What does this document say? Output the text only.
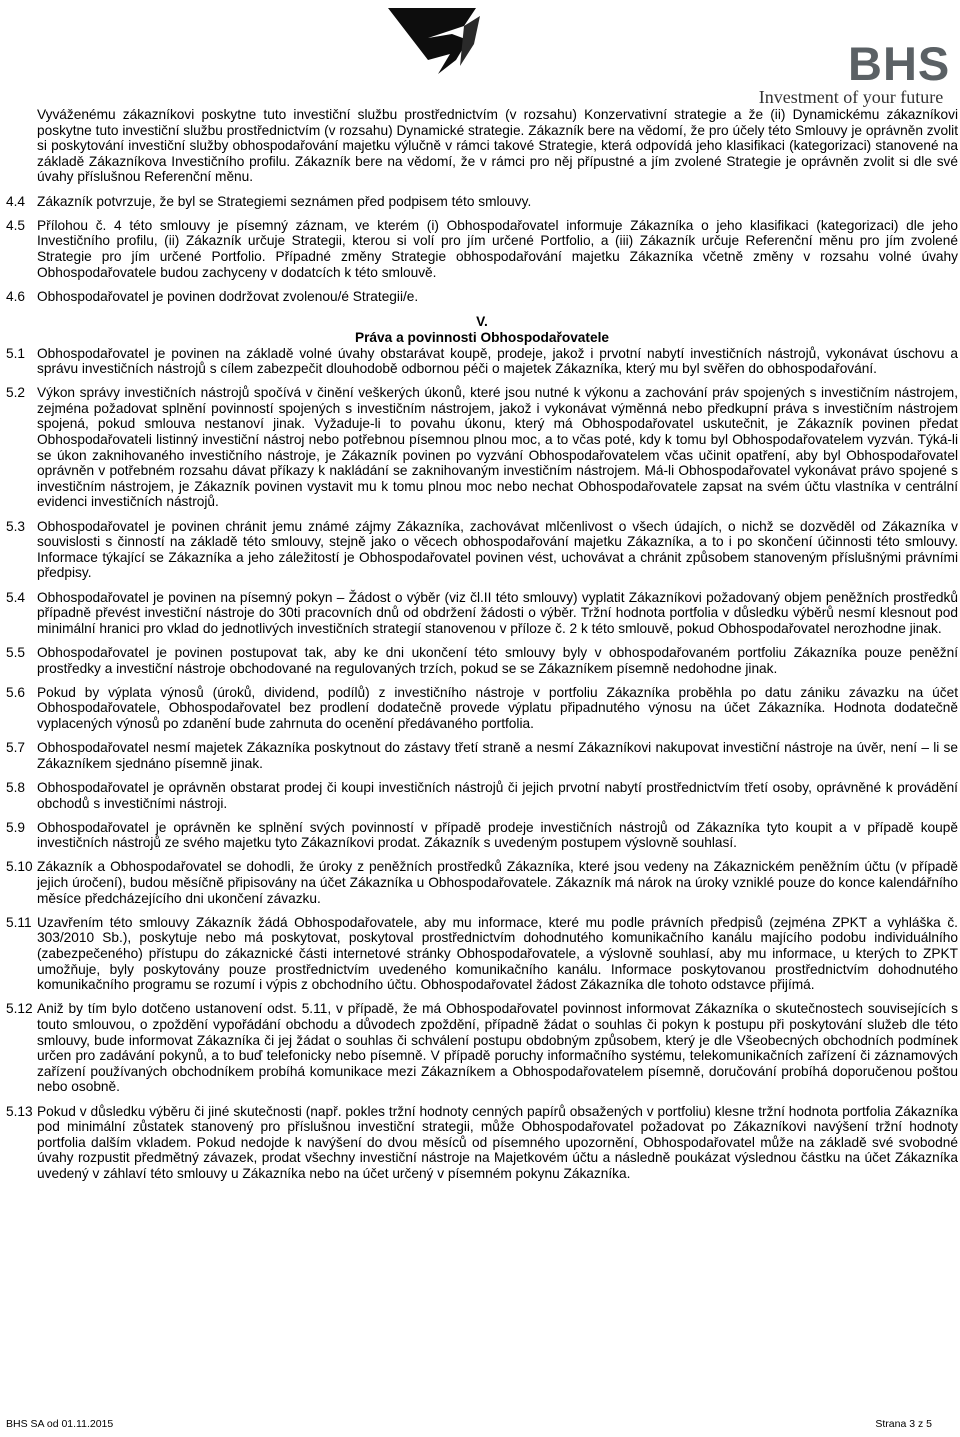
BHS
Investment of your future

Vyváženému zákazníkovi poskytne tuto investiční službu prostřednictvím (v rozsahu) Konzervativní strategie a že (ii) Dynamickému zákazníkovi poskytne tuto investiční službu prostřednictvím (v rozsahu) Dynamické strategie. Zákazník bere na vědomí, že pro účely této Smlouvy je oprávněn zvolit si poskytování investiční služby obhospodařování majetku výlučně v rámci takové Strategie, která odpovídá jeho klasifikaci (kategorizaci) stanovené na základě Zákazníkova Investičního profilu. Zákazník bere na vědomí, že v rámci pro něj přípustné a jím zvolené Strategie je oprávněn zvolit si dle své úvahy příslušnou Referenční měnu.

4.4 Zákazník potvrzuje, že byl se Strategiemi seznámen před podpisem této smlouvy.
4.5 Přílohou č. 4 této smlouvy je písemný záznam, ve kterém (i) Obhospodařovatel informuje Zákazníka o jeho klasifikaci (kategorizaci) dle jeho Investičního profilu, (ii) Zákazník určuje Strategii, kterou si volí pro jím určené Portfolio, a (iii) Zákazník určuje Referenční měnu pro jím zvolené Strategie pro jím určené Portfolio. Případné změny Strategie obhospodařování majetku Zákazníka včetně změny v rozsahu volné úvahy Obhospodařovatele budou zachyceny v dodatcích k této smlouvě.
4.6 Obhospodařovatel je povinen dodržovat zvolenou/é Strategii/e.
V.
Práva a povinnosti Obhospodařovatele
5.1 Obhospodařovatel je povinen na základě volné úvahy obstarávat koupě, prodeje, jakož i prvotní nabytí investičních nástrojů, vykonávat úschovu a správu investičních nástrojů s cílem zabezpečit dlouhodobě odbornou péči o majetek Zákazníka, který mu byl svěřen do obhospodařování.
5.2 Výkon správy investičních nástrojů spočívá v činění veškerých úkonů, které jsou nutné k výkonu a zachování práv spojených s investičním nástrojem, zejména požadovat splnění povinností spojených s investičním nástrojem, jakož i vykonávat výměnná nebo předkupní práva s investičním nástrojem spojená, pokud smlouva nestanoví jinak. Vyžaduje-li to povahu úkonu, který má Obhospodařovatel uskutečnit, je Zákazník povinen předat Obhospodařovateli listinný investiční nástroj nebo potřebnou písemnou plnou moc, a to včas poté, kdy k tomu byl Obhospodařovatelem vyzván. Týká-li se úkon zaknihovaného investičního nástroje, je Zákazník povinen po vyzvání Obhospodařovatelem včas učinit opatření, aby byl Obhospodařovatel oprávněn v potřebném rozsahu dávat příkazy k nakládání se zaknihovaným investičním nástrojem. Má-li Obhospodařovatel vykonávat právo spojené s investičním nástrojem, je Zákazník povinen vystavit mu k tomu plnou moc nebo nechat Obhospodařovatele zapsat na svém účtu vlastníka v centrální evidenci investičních nástrojů.
5.3 Obhospodařovatel je povinen chránit jemu známé zájmy Zákazníka, zachovávat mlčenlivost o všech údajích, o nichž se dozvěděl od Zákazníka v souvislosti s činností na základě této smlouvy, stejně jako o věcech obhospodařování majetku Zákazníka, a to i po skončení účinnosti této smlouvy. Informace týkající se Zákazníka a jeho záležitostí je Obhospodařovatel povinen vést, uchovávat a chránit způsobem stanoveným příslušnými právními předpisy.
5.4 Obhospodařovatel je povinen na písemný pokyn – Žádost o výběr (viz čl.II této smlouvy) vyplatit Zákazníkovi požadovaný objem peněžních prostředků případně převést investiční nástroje do 30ti pracovních dnů od obdržení žádosti o výběr. Tržní hodnota portfolia v důsledku výběrů nesmí klesnout pod minimální hranici pro vklad do jednotlivých investičních strategií stanovenou v příloze č. 2 k této smlouvě, pokud Obhospodařovatel nerozhodne jinak.
5.5 Obhospodařovatel je povinen postupovat tak, aby ke dni ukončení této smlouvy byly v obhospodařovaném portfoliu Zákazníka pouze peněžní prostředky a investiční nástroje obchodované na regulovaných trzích, pokud se se Zákazníkem písemně nedohodne jinak.
5.6 Pokud by výplata výnosů (úroků, dividend, podílů) z investičního nástroje v portfoliu Zákazníka proběhla po datu zániku závazku na účet Obhospodařovatele, Obhospodařovatel bez prodlení dodatečně provede výplatu připadnutého výnosu na účet Zákazníka. Hodnota dodatečně vyplacených výnosů po zdanění bude zahrnuta do ocenění předávaného portfolia.
5.7 Obhospodařovatel nesmí majetek Zákazníka poskytnout do zástavy třetí straně a nesmí Zákazníkovi nakupovat investiční nástroje na úvěr, není – li se Zákazníkem sjednáno písemně jinak.
5.8 Obhospodařovatel je oprávněn obstarat prodej či koupi investičních nástrojů či jejich prvotní nabytí prostřednictvím třetí osoby, oprávněné k provádění obchodů s investičními nástroji.
5.9 Obhospodařovatel je oprávněn ke splnění svých povinností v případě prodeje investičních nástrojů od Zákazníka tyto koupit a v případě koupě investičních nástrojů ze svého majetku tyto Zákazníkovi prodat. Zákazník s uvedeným postupem výslovně souhlasí.
5.10 Zákazník a Obhospodařovatel se dohodli, že úroky z peněžních prostředků Zákazníka, které jsou vedeny na Zákaznickém peněžním účtu (v případě jejich úročení), budou měsíčně připisovány na účet Zákazníka u Obhospodařovatele. Zákazník má nárok na úroky vzniklé pouze do konce kalendářního měsíce předcházejícího dni ukončení závazku.
5.11 Uzavřením této smlouvy Zákazník žádá Obhospodařovatele, aby mu informace, které mu podle právních předpisů (zejména ZPKT a vyhláška č. 303/2010 Sb.), poskytuje nebo má poskytovat, poskytoval prostřednictvím dohodnutého komunikačního kanálu majícího podobu individuálního (zabezpečeného) přístupu do zákaznické části internetové stránky Obhospodařovatele, a výslovně souhlasí, aby mu informace, u kterých to ZPKT umožňuje, byly poskytovány pouze prostřednictvím uvedeného komunikačního kanálu. Informace poskytovanou prostřednictvím dohodnutého komunikačního programu se rozumí i výpis z obchodního účtu. Obhospodařovatel žádost Zákazníka dle tohoto odstavce přijímá.
5.12 Aniž by tím bylo dotčeno ustanovení odst. 5.11, v případě, že má Obhospodařovatel povinnost informovat Zákazníka o skutečnostech souvisejících s touto smlouvou, o zpoždění vypořádání obchodu a důvodech zpoždění, případně žádat o souhlas či pokyn k postupu při poskytování služeb dle této smlouvy, bude informovat Zákazníka či jej žádat o souhlas či schválení postupu obdobným způsobem, který je dle Všeobecných obchodních podmínek určen pro zadávání pokynů, a to buď telefonicky nebo písemně. V případě poruchy informačního systému, telekomunikačních zařízení či záznamových zařízení používaných obchodníkem probíhá komunikace mezi Zákazníkem a Obhospodařovatelem písemně, doručování probíhá doporučenou poštou nebo osobně.
5.13 Pokud v důsledku výběru či jiné skutečnosti (např. pokles tržní hodnoty cenných papírů obsažených v portfoliu) klesne tržní hodnota portfolia Zákazníka pod minimální zůstatek stanovený pro příslušnou investiční strategii, může Obhospodařovatel požadovat po Zákazníkovi navýšení tržní hodnoty portfolia dalším vkladem. Pokud nedojde k navýšení do dvou měsíců od písemného upozornění, Obhospodařovatel může na základě své svobodné úvahy rozpustit předmětný závazek, prodat všechny investiční nástroje na Majetkovém účtu a následně poukázat výslednou částku na účet Zákazníka uvedený v záhlaví této smlouvy u Zákazníka nebo na účet určený v písemném pokynu Zákazníka.
BHS SA od 01.11.2015	Strana 3 z 5
